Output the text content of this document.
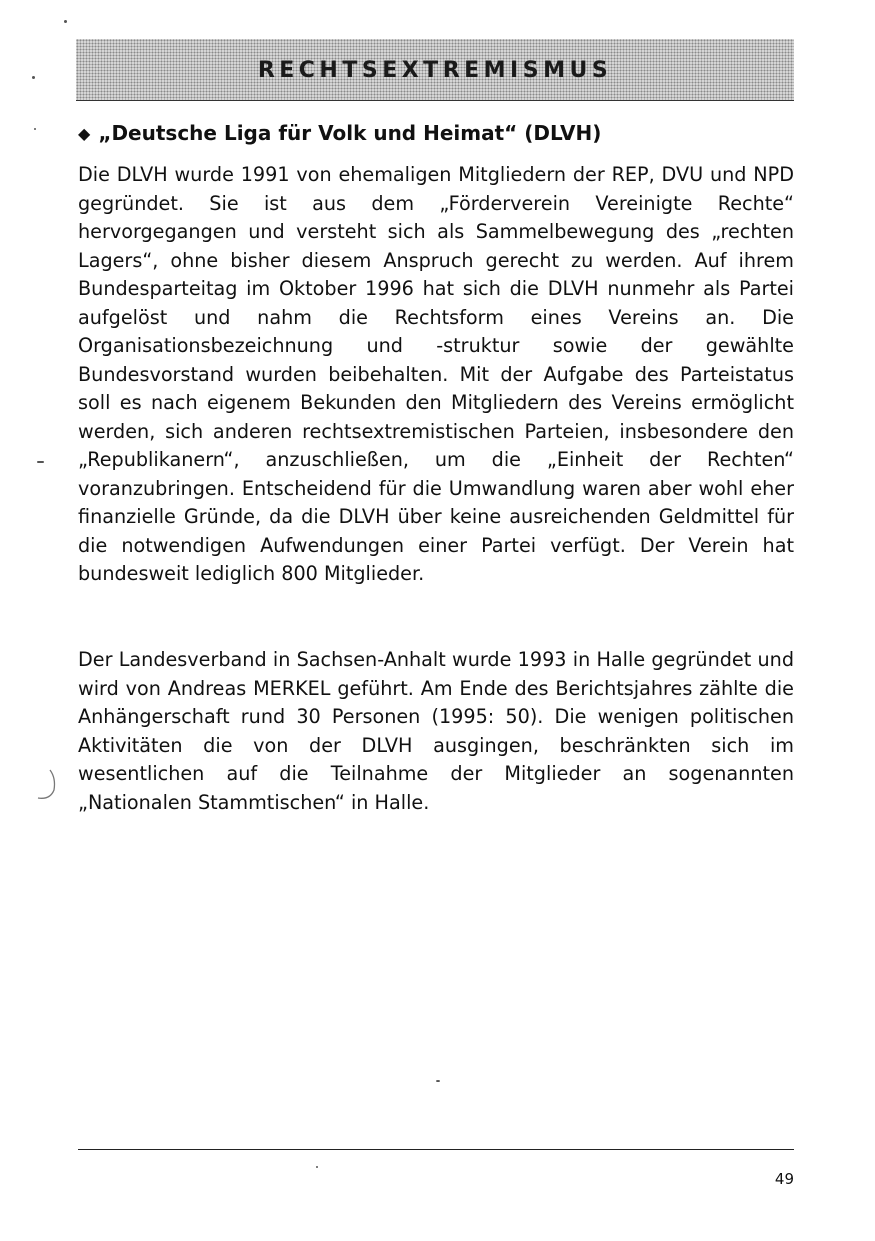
RECHTSEXTREMISMUS
◆ „Deutsche Liga für Volk und Heimat“ (DLVH)

Die DLVH wurde 1991 von ehemaligen Mitgliedern der REP, DVU und NPD gegründet. Sie ist aus dem „Förderverein Vereinigte Rechte“ hervorgegangen und versteht sich als Sammelbewegung des „rechten Lagers“, ohne bisher diesem Anspruch gerecht zu werden. Auf ihrem Bundesparteitag im Oktober 1996 hat sich die DLVH nunmehr als Partei aufgelöst und nahm die Rechtsform eines Vereins an. Die Organisationsbezeichnung und -struktur sowie der gewählte Bundesvorstand wurden beibehalten. Mit der Aufgabe des Parteistatus soll es nach eigenem Bekunden den Mitgliedern des Vereins ermöglicht werden, sich anderen rechtsextremistischen Parteien, insbesondere den „Republikanern“, anzuschließen, um die „Einheit der Rechten“ voranzubringen. Entscheidend für die Umwandlung waren aber wohl eher finanzielle Gründe, da die DLVH über keine ausreichenden Geldmittel für die notwendigen Aufwendungen einer Partei verfügt. Der Verein hat bundesweit lediglich 800 Mitglieder.

Der Landesverband in Sachsen-Anhalt wurde 1993 in Halle gegründet und wird von Andreas MERKEL geführt. Am Ende des Berichtsjahres zählte die Anhängerschaft rund 30 Personen (1995: 50). Die wenigen politischen Aktivitäten die von der DLVH ausgingen, beschränkten sich im wesentlichen auf die Teilnahme der Mitglieder an sogenannten „Nationalen Stammtischen“ in Halle.

49
